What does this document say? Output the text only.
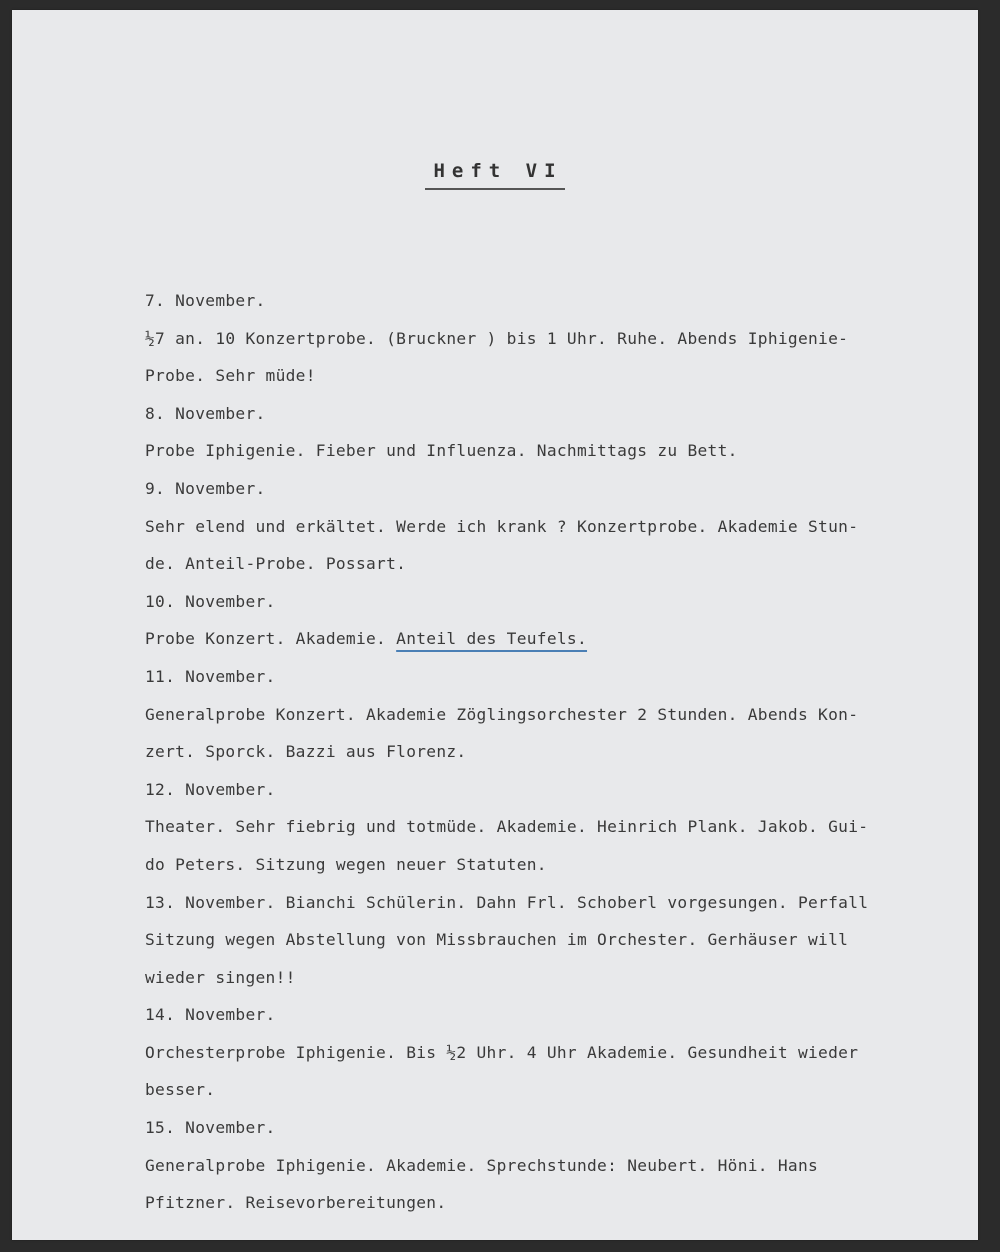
Heft VI
7. November.
½7 an. 10 Konzertprobe. (Bruckner ) bis 1 Uhr. Ruhe. Abends Iphigenie-
Probe. Sehr müde!
8. November.
Probe Iphigenie. Fieber und Influenza. Nachmittags zu Bett.
9. November.
Sehr elend und erkältet. Werde ich krank ? Konzertprobe. Akademie Stun-
de. Anteil-Probe. Possart.
10. November.
Probe Konzert. Akademie. Anteil des Teufels.
11. November.
Generalprobe Konzert. Akademie Zöglingsorchester 2 Stunden. Abends Kon-
zert. Sporck. Bazzi aus Florenz.
12. November.
Theater. Sehr fiebrig und totmüde. Akademie. Heinrich Plank. Jakob. Gui-
do Peters. Sitzung wegen neuer Statuten.
13. November. Bianchi Schülerin. Dahn Frl. Schoberl vorgesungen. Perfall
Sitzung wegen Abstellung von Missbrauchen im Orchester. Gerhäuser will
wieder singen!!
14. November.
Orchesterprobe Iphigenie. Bis ½2 Uhr. 4 Uhr Akademie. Gesundheit wieder
besser.
15. November.
Generalprobe Iphigenie. Akademie. Sprechstunde: Neubert. Höni. Hans
Pfitzner. Reisevorbereitungen.
